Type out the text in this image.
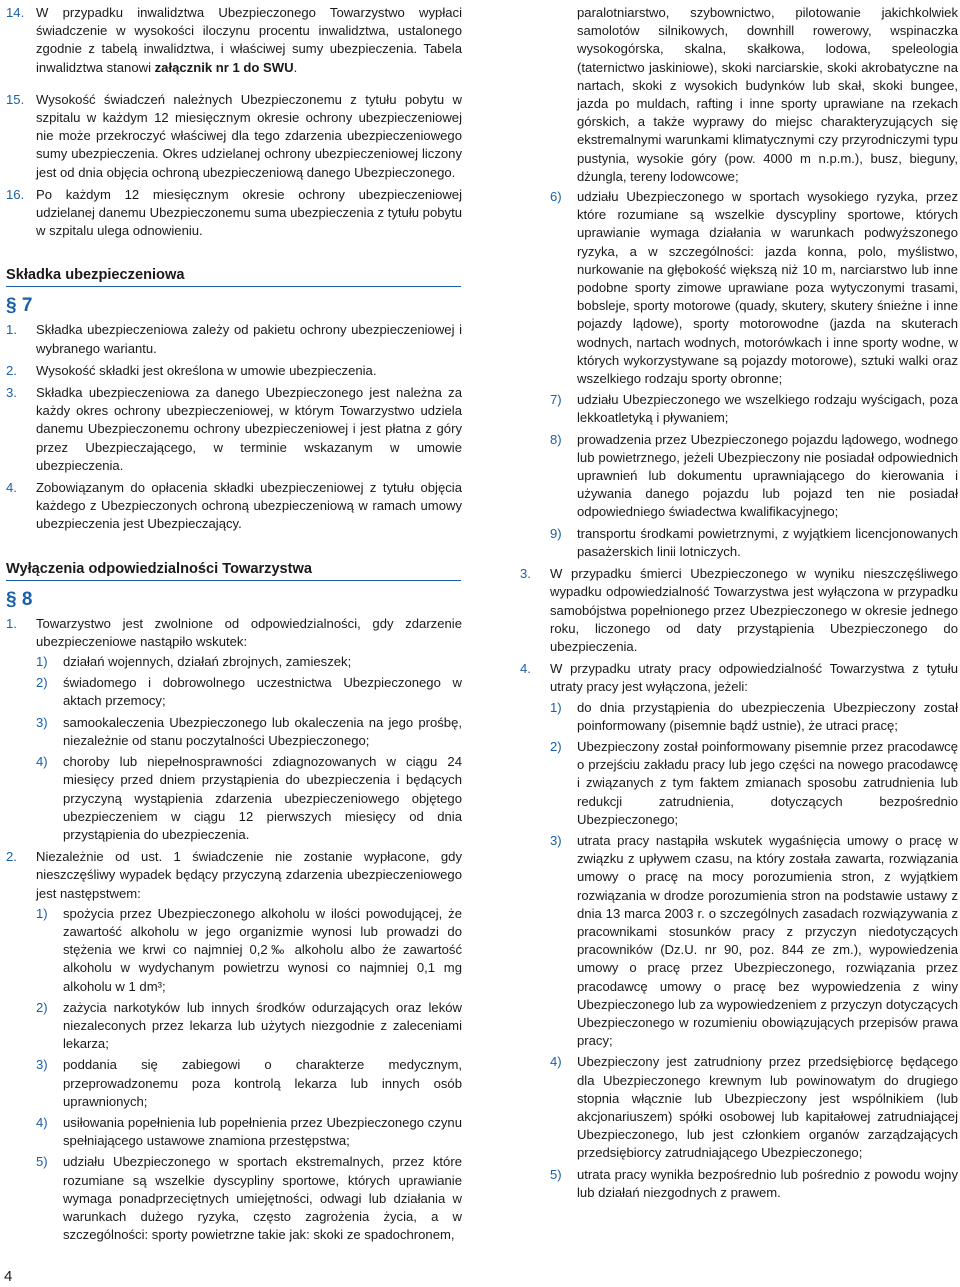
14. W przypadku inwalidztwa Ubezpieczonego Towarzystwo wypłaci świadczenie w wysokości iloczynu procentu inwalidztwa, ustalonego zgodnie z tabelą inwalidztwa, i właściwej sumy ubezpieczenia. Tabela inwalidztwa stanowi załącznik nr 1 do SWU.
15. Wysokość świadczeń należnych Ubezpieczonemu z tytułu pobytu w szpitalu w każdym 12 miesięcznym okresie ochrony ubezpieczeniowej nie może przekroczyć właściwej dla tego zdarzenia ubezpieczeniowego sumy ubezpieczenia. Okres udzielanej ochrony ubezpieczeniowej liczony jest od dnia objęcia ochroną ubezpieczeniową danego Ubezpieczonego.
16. Po każdym 12 miesięcznym okresie ochrony ubezpieczeniowej udzielanej danemu Ubezpieczonemu suma ubezpieczenia z tytułu pobytu w szpitalu ulega odnowieniu.
Składka ubezpieczeniowa
§ 7
1. Składka ubezpieczeniowa zależy od pakietu ochrony ubezpieczeniowej i wybranego wariantu.
2. Wysokość składki jest określona w umowie ubezpieczenia.
3. Składka ubezpieczeniowa za danego Ubezpieczonego jest należna za każdy okres ochrony ubezpieczeniowej, w którym Towarzystwo udziela danemu Ubezpieczonemu ochrony ubezpieczeniowej i jest płatna z góry przez Ubezpieczającego, w terminie wskazanym w umowie ubezpieczenia.
4. Zobowiązanym do opłacenia składki ubezpieczeniowej z tytułu objęcia każdego z Ubezpieczonych ochroną ubezpieczeniową w ramach umowy ubezpieczenia jest Ubezpieczający.
Wyłączenia odpowiedzialności Towarzystwa
§ 8
1. Towarzystwo jest zwolnione od odpowiedzialności, gdy zdarzenie ubezpieczeniowe nastąpiło wskutek:
1) działań wojennych, działań zbrojnych, zamieszek;
2) świadomego i dobrowolnego uczestnictwa Ubezpieczonego w aktach przemocy;
3) samookaleczenia Ubezpieczonego lub okaleczenia na jego prośbę, niezależnie od stanu poczytalności Ubezpieczonego;
4) choroby lub niepełnosprawności zdiagnozowanych w ciągu 24 miesięcy przed dniem przystąpienia do ubezpieczenia i będących przyczyną wystąpienia zdarzenia ubezpieczeniowego objętego ubezpieczeniem w ciągu 12 pierwszych miesięcy od dnia przystąpienia do ubezpieczenia.
2. Niezależnie od ust. 1 świadczenie nie zostanie wypłacone, gdy nieszczęśliwy wypadek będący przyczyną zdarzenia ubezpieczeniowego jest następstwem:
1) spożycia przez Ubezpieczonego alkoholu w ilości powodującej, że zawartość alkoholu w jego organizmie wynosi lub prowadzi do stężenia we krwi co najmniej 0,2‰ alkoholu albo że zawartość alkoholu w wydychanym powietrzu wynosi co najmniej 0,1 mg alkoholu w 1 dm³;
2) zażycia narkotyków lub innych środków odurzających oraz leków niezaleconych przez lekarza lub użytych niezgodnie z zaleceniami lekarza;
3) poddania się zabiegowi o charakterze medycznym, przeprowadzonemu poza kontrolą lekarza lub innych osób uprawnionych;
4) usiłowania popełnienia lub popełnienia przez Ubezpieczonego czynu spełniającego ustawowe znamiona przestępstwa;
5) udziału Ubezpieczonego w sportach ekstremalnych, przez które rozumiane są wszelkie dyscypliny sportowe, których uprawianie wymaga ponadprzeciętnych umiejętności, odwagi lub działania w warunkach dużego ryzyka, często zagrożenia życia, a w szczególności: sporty powietrzne takie jak: skoki ze spadochronem,
paralotniarstwo, szybownictwo, pilotowanie jakichkolwiek samolotów silnikowych, downhill rowerowy, wspinaczka wysokogórska, skalna, skałkowa, lodowa, speleologia (taternictwo jaskiniowe), skoki narciarskie, skoki akrobatyczne na nartach, skoki z wysokich budynków lub skał, skoki bungee, jazda po muldach, rafting i inne sporty uprawiane na rzekach górskich, a także wyprawy do miejsc charakteryzujących się ekstremalnymi warunkami klimatycznymi czy przyrodniczymi typu pustynia, wysokie góry (pow. 4000 m n.p.m.), busz, bieguny, dżungla, tereny lodowcowe;
6) udziału Ubezpieczonego w sportach wysokiego ryzyka, przez które rozumiane są wszelkie dyscypliny sportowe, których uprawianie wymaga działania w warunkach podwyższonego ryzyka, a w szczególności: jazda konna, polo, myślistwo, nurkowanie na głębokość większą niż 10 m, narciarstwo lub inne podobne sporty zimowe uprawiane poza wytyczonymi trasami, bobsleje, sporty motorowe (quady, skutery, skutery śnieżne i inne pojazdy lądowe), sporty motorowodne (jazda na skuterach wodnych, nartach wodnych, motorówkach i inne sporty wodne, w których wykorzystywane są pojazdy motorowe), sztuki walki oraz wszelkiego rodzaju sporty obronne;
7) udziału Ubezpieczonego we wszelkiego rodzaju wyścigach, poza lekkoatletyką i pływaniem;
8) prowadzenia przez Ubezpieczonego pojazdu lądowego, wodnego lub powietrznego, jeżeli Ubezpieczony nie posiadał odpowiednich uprawnień lub dokumentu uprawniającego do kierowania i używania danego pojazdu lub pojazd ten nie posiadał odpowiedniego świadectwa kwalifikacyjnego;
9) transportu środkami powietrznymi, z wyjątkiem licencjonowanych pasażerskich linii lotniczych.
3. W przypadku śmierci Ubezpieczonego w wyniku nieszczęśliwego wypadku odpowiedzialność Towarzystwa jest wyłączona w przypadku samobójstwa popełnionego przez Ubezpieczonego w okresie jednego roku, liczonego od daty przystąpienia Ubezpieczonego do ubezpieczenia.
4. W przypadku utraty pracy odpowiedzialność Towarzystwa z tytułu utraty pracy jest wyłączona, jeżeli:
1) do dnia przystąpienia do ubezpieczenia Ubezpieczony został poinformowany (pisemnie bądź ustnie), że utraci pracę;
2) Ubezpieczony został poinformowany pisemnie przez pracodawcę o przejściu zakładu pracy lub jego części na nowego pracodawcę i związanych z tym faktem zmianach sposobu zatrudnienia lub redukcji zatrudnienia, dotyczących bezpośrednio Ubezpieczonego;
3) utrata pracy nastąpiła wskutek wygaśnięcia umowy o pracę w związku z upływem czasu, na który została zawarta, rozwiązania umowy o pracę na mocy porozumienia stron, z wyjątkiem rozwiązania w drodze porozumienia stron na podstawie ustawy z dnia 13 marca 2003 r. o szczególnych zasadach rozwiązywania z pracownikami stosunków pracy z przyczyn niedotyczących pracowników (Dz.U. nr 90, poz. 844 ze zm.), wypowiedzenia umowy o pracę przez Ubezpieczonego, rozwiązania przez pracodawcę umowy o pracę bez wypowiedzenia z winy Ubezpieczonego lub za wypowiedzeniem z przyczyn dotyczących Ubezpieczonego w rozumieniu obowiązujących przepisów prawa pracy;
4) Ubezpieczony jest zatrudniony przez przedsiębiorcę będącego dla Ubezpieczonego krewnym lub powinowatym do drugiego stopnia włącznie lub Ubezpieczony jest wspólnikiem (lub akcjonariuszem) spółki osobowej lub kapitałowej zatrudniającej Ubezpieczonego, lub jest członkiem organów zarządzających przedsiębiorcy zatrudniającego Ubezpieczonego;
5) utrata pracy wynikła bezpośrednio lub pośrednio z powodu wojny lub działań niezgodnych z prawem.
4
